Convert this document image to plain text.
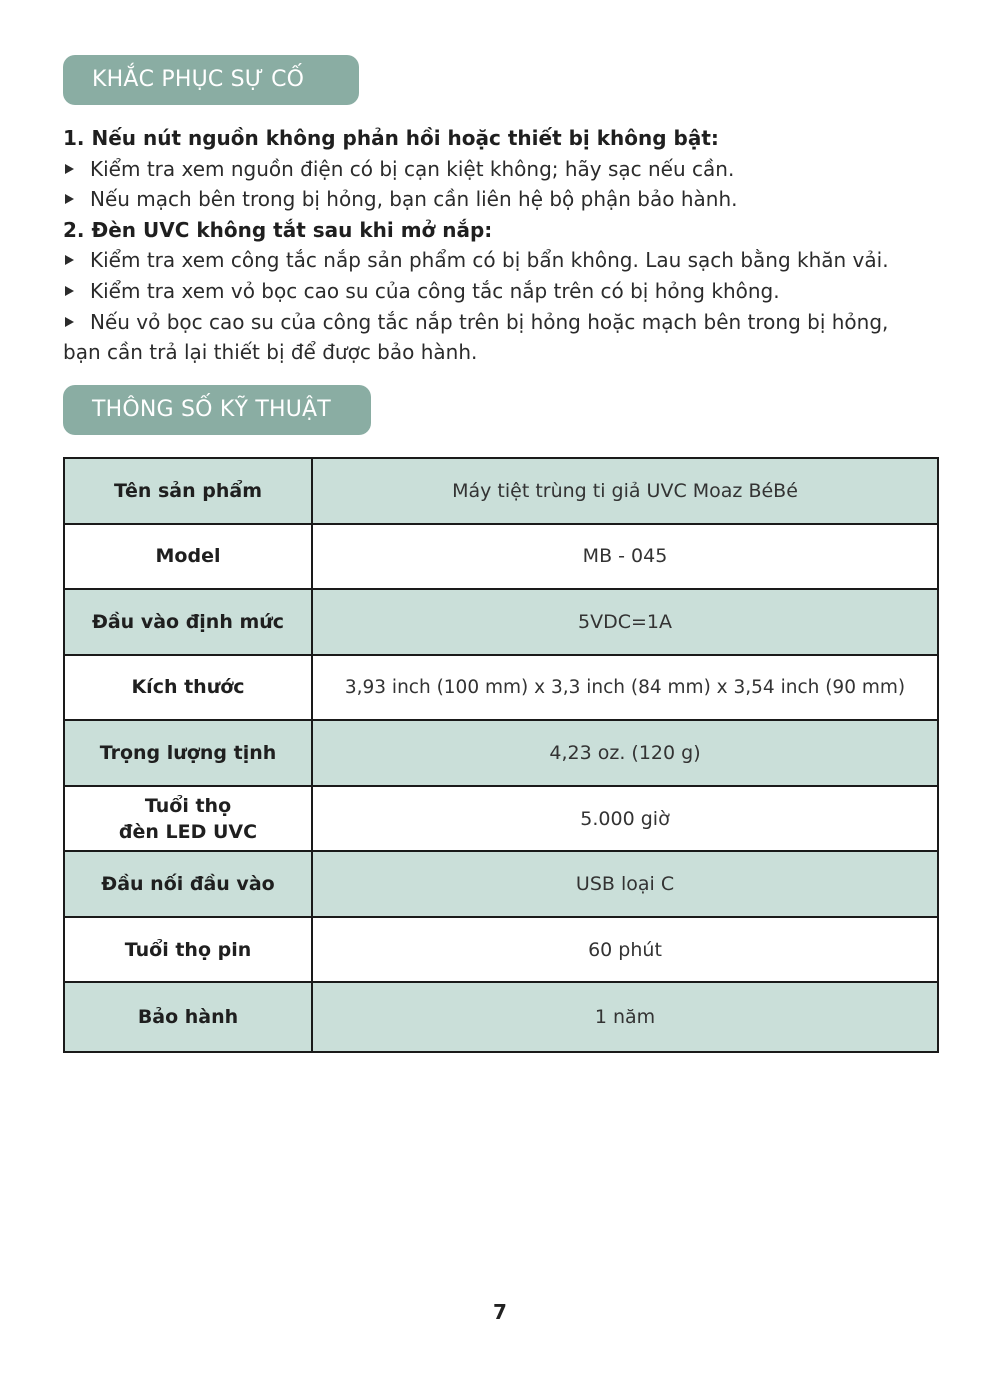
KHẮC PHỤC SỰ CỐ
1. Nếu nút nguồn không phản hồi hoặc thiết bị không bật:
Kiểm tra xem nguồn điện có bị cạn kiệt không; hãy sạc nếu cần.
Nếu mạch bên trong bị hỏng, bạn cần liên hệ bộ phận bảo hành.
2. Đèn UVC không tắt sau khi mở nắp:
Kiểm tra xem công tắc nắp sản phẩm có bị bẩn không. Lau sạch bằng khăn vải.
Kiểm tra xem vỏ bọc cao su của công tắc nắp trên có bị hỏng không.
Nếu vỏ bọc cao su của công tắc nắp trên bị hỏng hoặc mạch bên trong bị hỏng,
bạn cần trả lại thiết bị để được bảo hành.
THÔNG SỐ KỸ THUẬT
Tên sản phẩm	Máy tiệt trùng ti giả UVC Moaz BéBé
Model	MB - 045
Đầu vào định mức	5VDC=1A
Kích thước	3,93 inch (100 mm) x 3,3 inch (84 mm) x 3,54 inch (90 mm)
Trọng lượng tịnh	4,23 oz. (120 g)
Tuổi thọ
đèn LED UVC	5.000 giờ
Đầu nối đầu vào	USB loại C
Tuổi thọ pin	60 phút
Bảo hành	1 năm
7
